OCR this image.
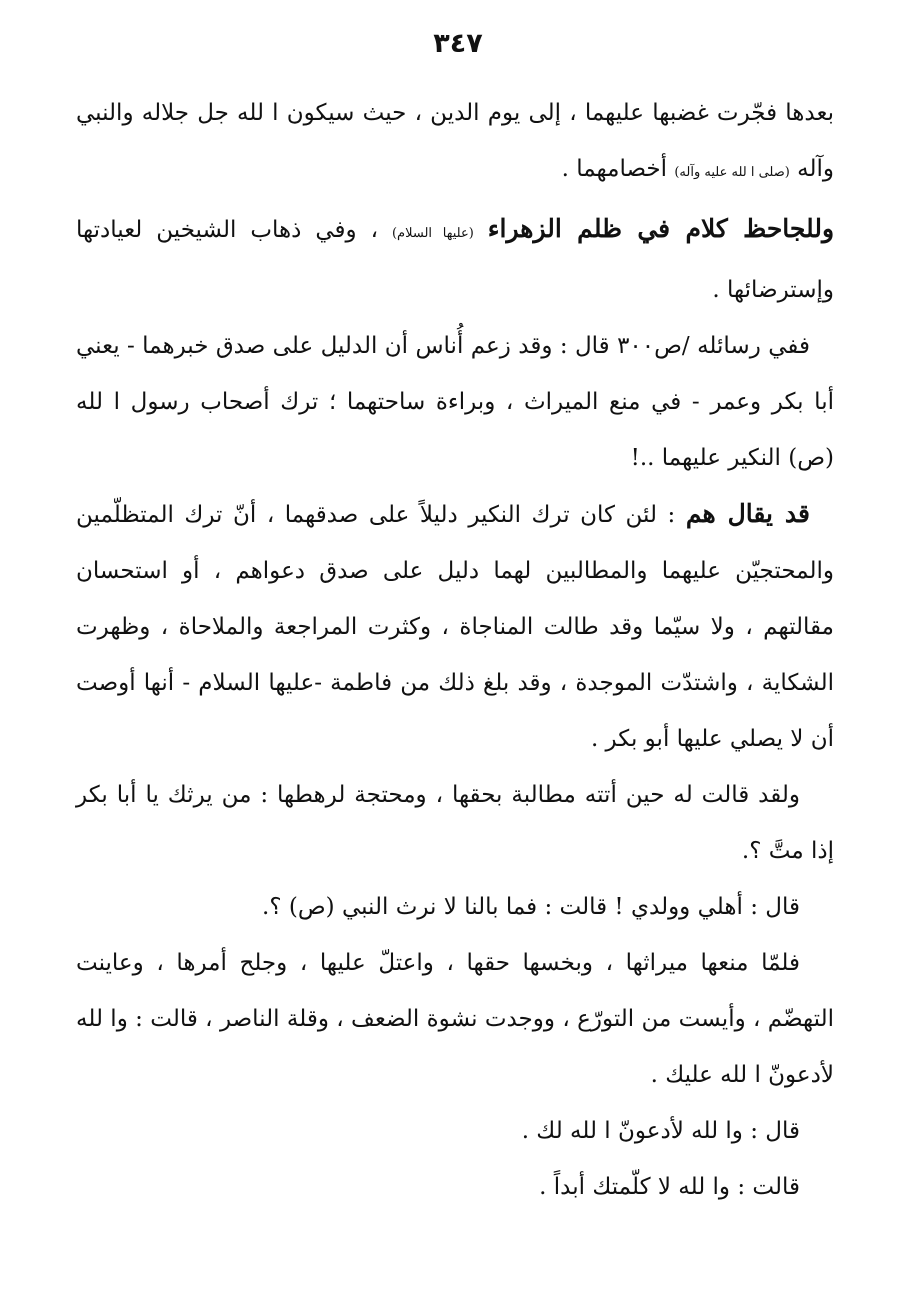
٣٤٧

بعدها فجّرت غضبها عليهما ، إلى يوم الدين ، حيث سيكون ا لله جل جلاله والنبي وآله (صلى ا لله عليه وآله) أخصامهما .

وللجاحظ كلام في ظلم الزهراء (عليها السلام) ، وفي ذهاب الشيخين لعيادتها وإسترضائها .

ففي رسائله /ص٣٠٠ قال : وقد زعم أُناس أن الدليل على صدق خبرهما - يعني أبا بكر وعمر - في منع الميراث ، وبراءة ساحتهما ؛ ترك أصحاب رسول ا لله (ص) النكير عليهما ..!

قد يقال هم : لئن كان ترك النكير دليلاً على صدقهما ، أنّ ترك المتظلّمين والمحتجيّن عليهما والمطالبين لهما دليل على صدق دعواهم ، أو استحسان مقالتهم ، ولا سيّما وقد طالت المناجاة ، وكثرت المراجعة والملاحاة ، وظهرت الشكاية ، واشتدّت الموجدة ، وقد بلغ ذلك من فاطمة -عليها السلام - أنها أوصت أن لا يصلي عليها أبو بكر .

ولقد قالت له حين أتته مطالبة بحقها ، ومحتجة لرهطها : من يرثك يا أبا بكر إذا متَّ ؟.

قال : أهلي وولدي ! قالت : فما بالنا لا نرث النبي (ص) ؟.

فلمّا منعها ميراثها ، وبخسها حقها ، واعتلّ عليها ، وجلح أمرها ، وعاينت التهضّم ، وأيست من التورّع ، ووجدت نشوة الضعف ، وقلة الناصر ، قالت : وا لله لأدعونّ ا لله عليك .

قال : وا لله لأدعونّ ا لله لك .

قالت : وا لله لا كلّمتك أبداً .
